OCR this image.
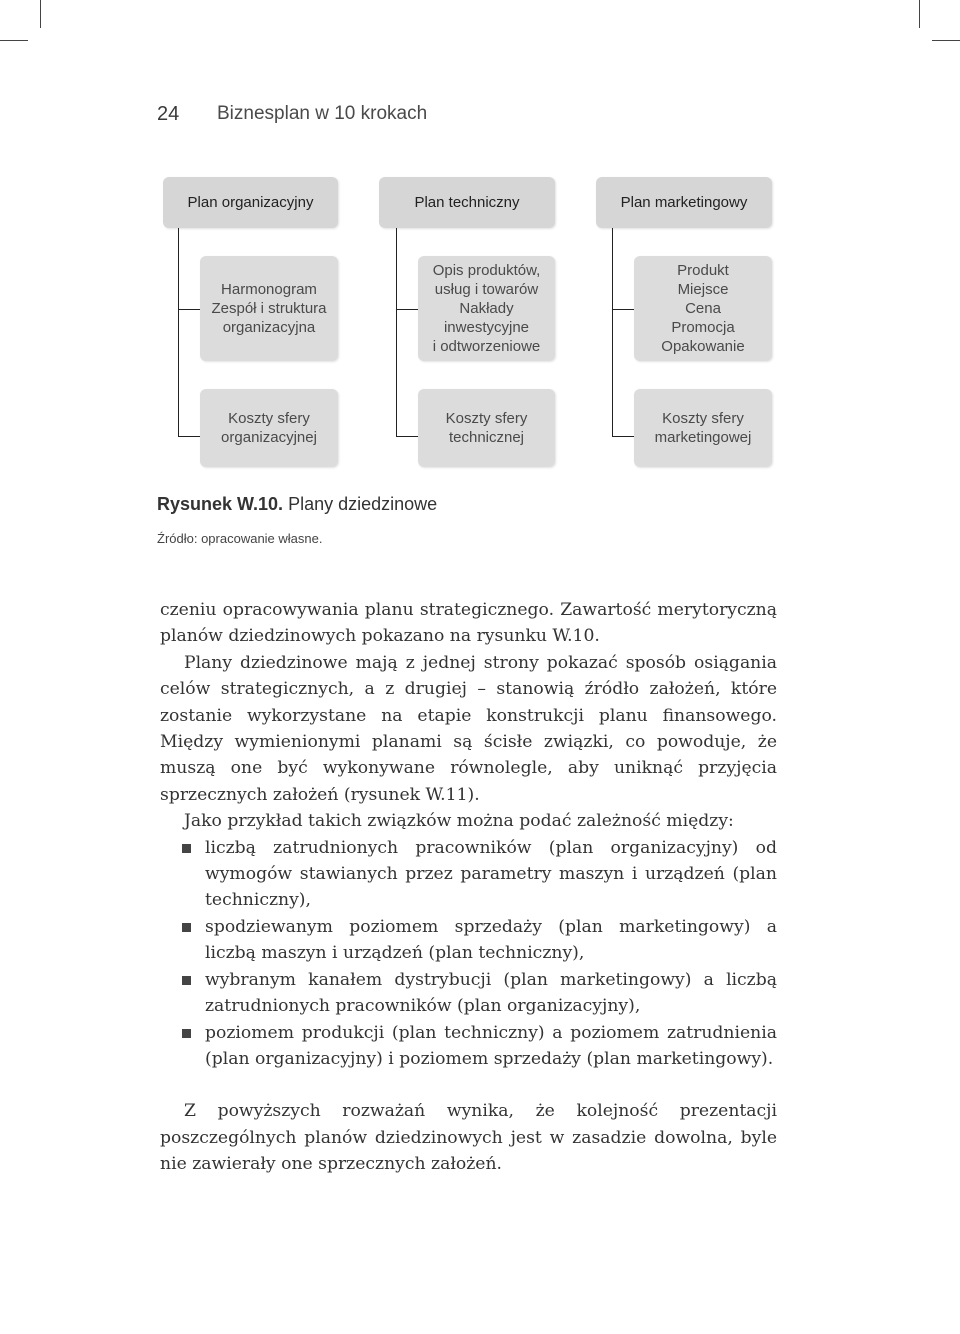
24 Biznesplan w 10 krokach
Plan organizacyjny
Harmonogram
Zespół i struktura
organizacyjna
Koszty sfery
organizacyjnej
Plan techniczny
Opis produktów,
usług i towarów
Nakłady
inwestycyjne
i odtworzeniowe
Koszty sfery
technicznej
Plan marketingowy
Produkt
Miejsce
Cena
Promocja
Opakowanie
Koszty sfery
marketingowej
Rysunek W.10. Plany dziedzinowe
Źródło: opracowanie własne.

czeniu opracowywania planu strategicznego. Zawartość merytoryczną planów dziedzinowych pokazano na rysunku W.10.

Plany dziedzinowe mają z jednej strony pokazać sposób osiągania celów strategicznych, a z drugiej – stanowią źródło założeń, które zostanie wykorzystane na etapie konstrukcji planu finansowego. Między wymienionymi planami są ścisłe związki, co powoduje, że muszą one być wykonywane równolegle, aby uniknąć przyjęcia sprzecznych założeń (rysunek W.11).

Jako przykład takich związków można podać zależność między:

liczbą zatrudnionych pracowników (plan organizacyjny) od wymogów stawianych przez parametry maszyn i urządzeń (plan techniczny),
spodziewanym poziomem sprzedaży (plan marketingowy) a liczbą maszyn i urządzeń (plan techniczny),
wybranym kanałem dystrybucji (plan marketingowy) a liczbą zatrudnionych pracowników (plan organizacyjny),
poziomem produkcji (plan techniczny) a poziomem zatrudnienia (plan organizacyjny) i poziomem sprzedaży (plan marketingowy).

Z powyższych rozważań wynika, że kolejność prezentacji poszczególnych planów dziedzinowych jest w zasadzie dowolna, byle nie zawierały one sprzecznych założeń.
